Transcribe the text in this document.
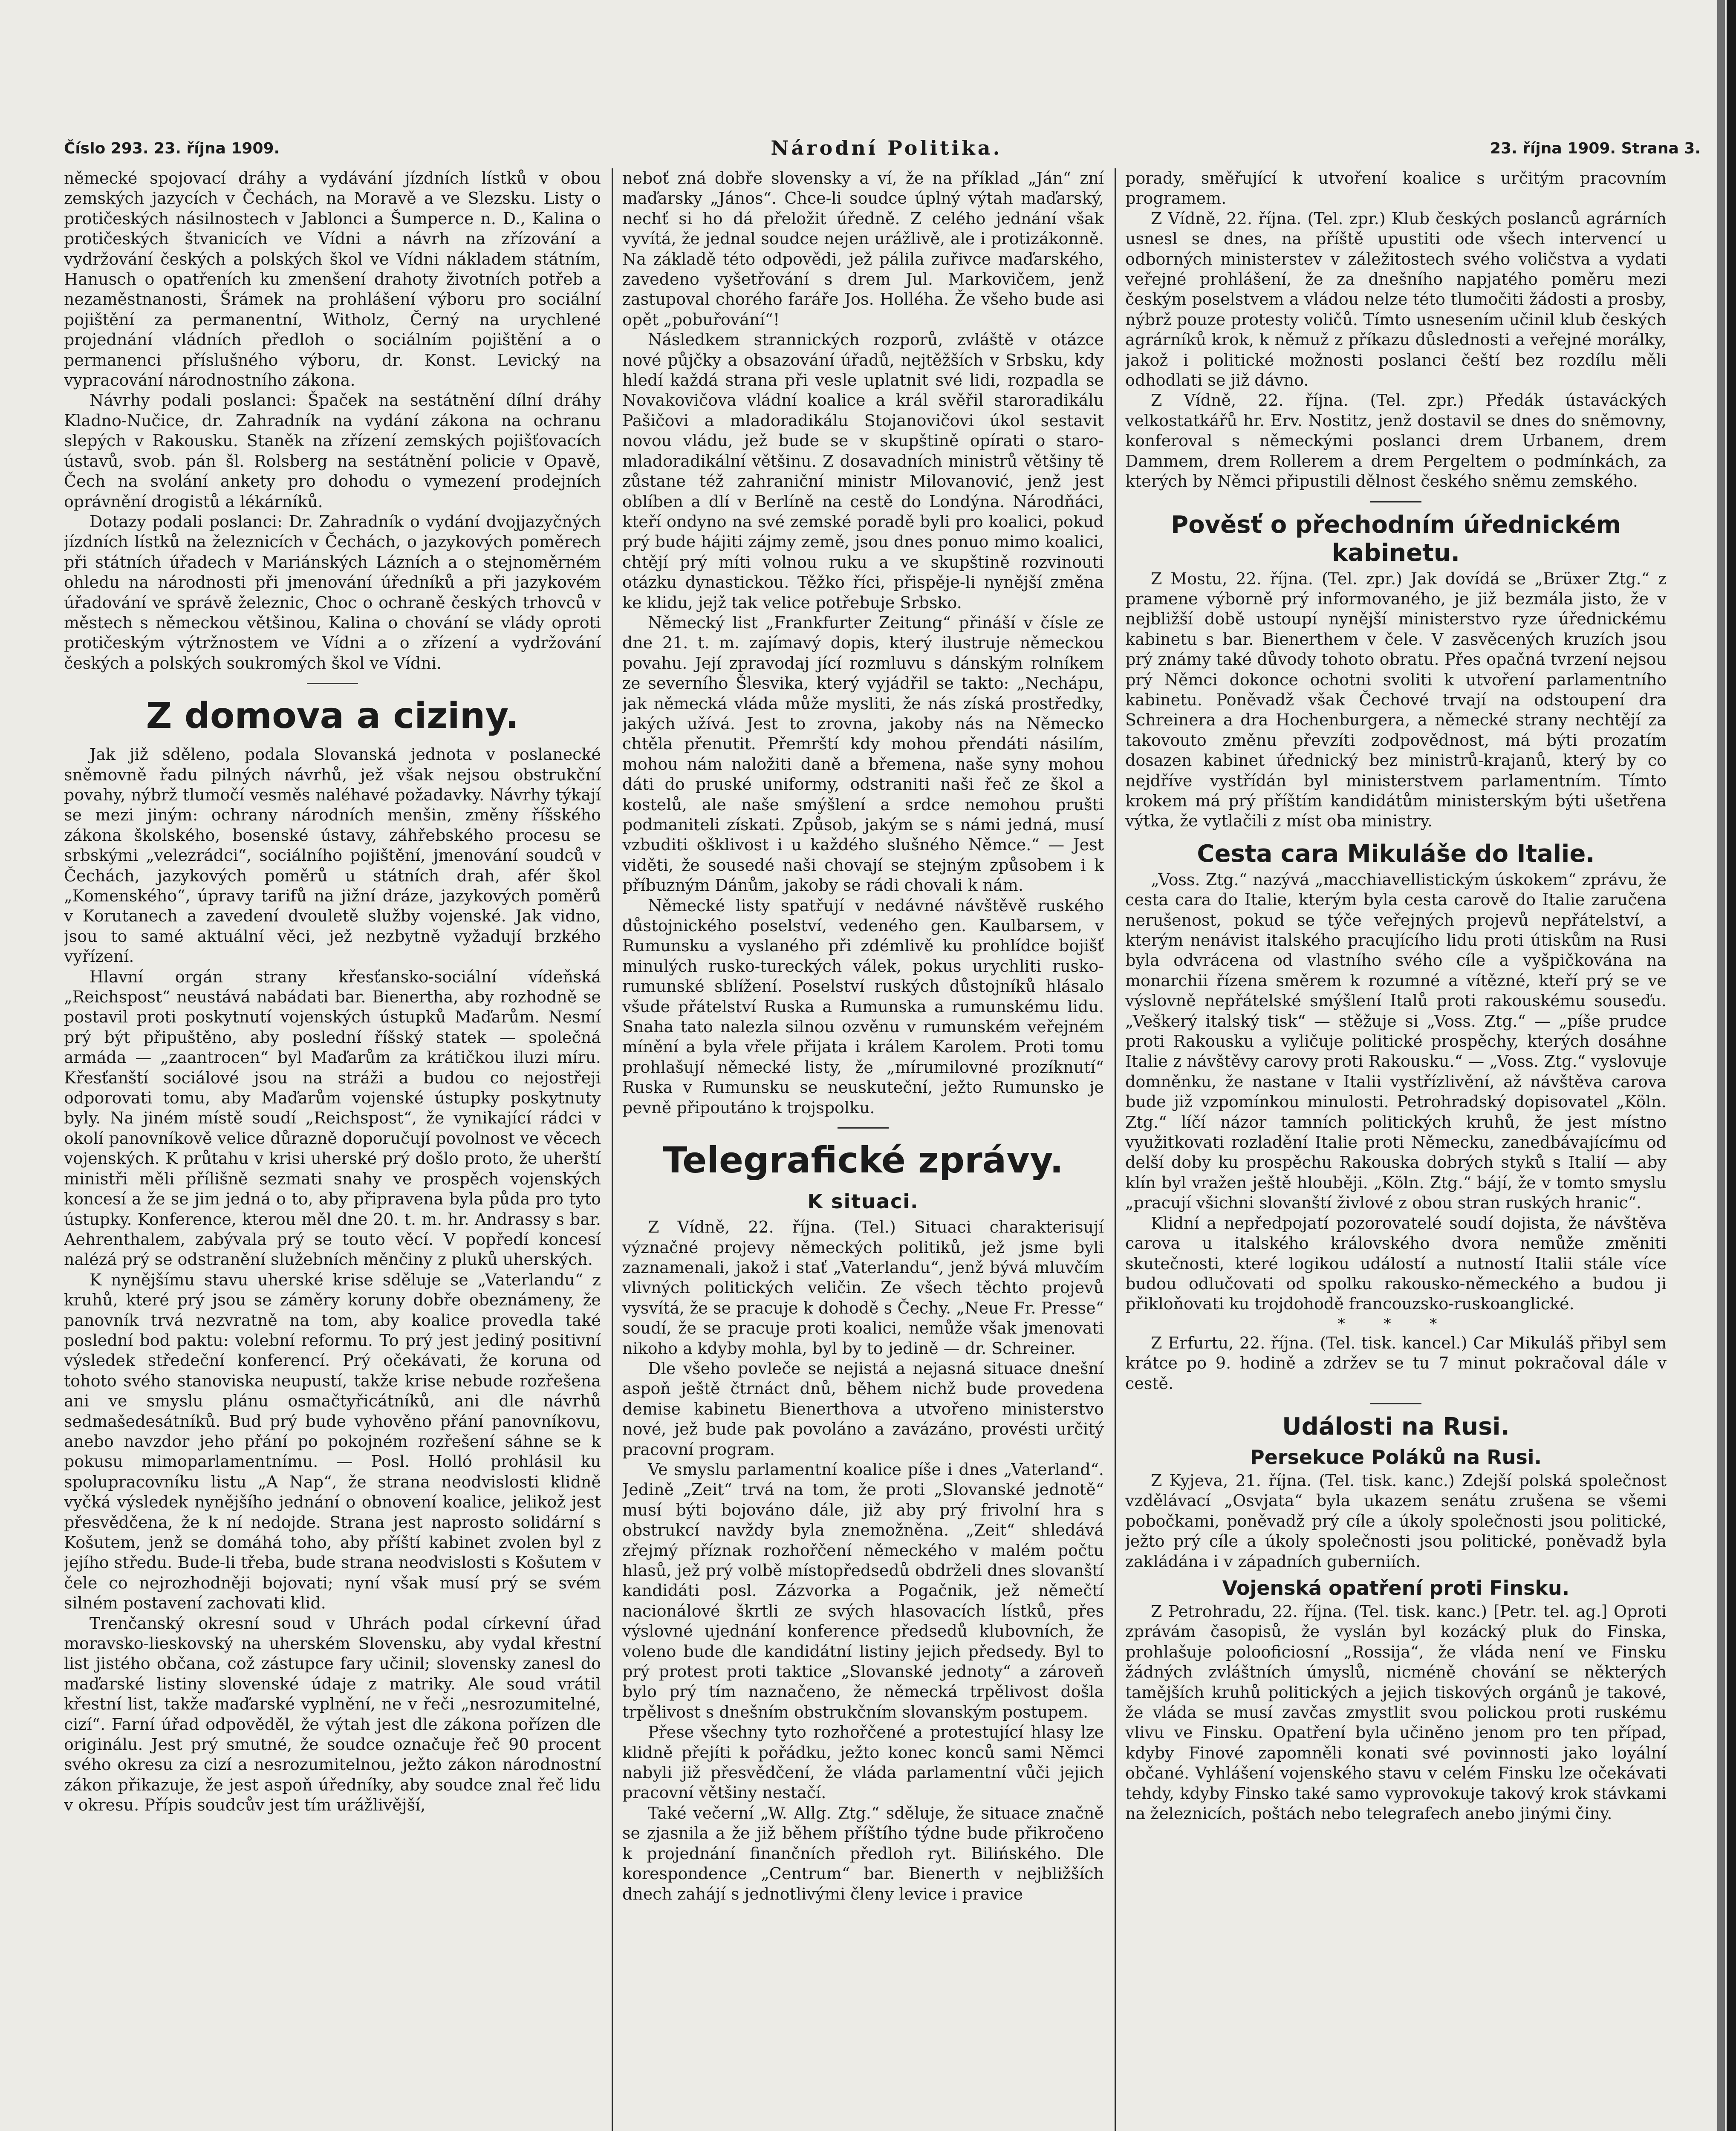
Číslo 293. 23. října 1909.	Národní Politika.	23. října 1909. Strana 3.

německé spojovací dráhy a vydávání jízdních lístků v obou zemských jazycích v Čechách, na Moravě a ve Slezsku. Listy o protičeských násilnostech v Jablonci a Šumperce n. D., Kalina o protičeských štvanicích ve Vídni a návrh na zřízování a vydržování českých a polských škol ve Vídni nákladem státním, Hanusch o opatřeních ku zmenšení drahoty životních potřeb a nezaměstnanosti, Šrámek na prohlášení výboru pro sociální pojištění za permanentní, Witholz, Černý na urychlené projednání vládních předloh o sociálním pojištění a o permanenci příslušného výboru, dr. Konst. Levický na vypracování národnostního zákona.

Návrhy podali poslanci: Špaček na sestátnění dílní dráhy Kladno-Nučice, dr. Zahradník na vydání zákona na ochranu slepých v Rakousku. Staněk na zřízení zemských pojišťovacích ústavů, svob. pán šl. Rolsberg na sestátnění policie v Opavě, Čech na svolání ankety pro dohodu o vymezení prodejních oprávnění drogistů a lékárníků.

Dotazy podali poslanci: Dr. Zahradník o vydání dvojjazyčných jízdních lístků na železnicích v Čechách, o jazykových poměrech při státních úřadech v Mariánských Lázních a o stejnoměrném ohledu na národnosti při jmenování úředníků a při jazykovém úřadování ve správě železnic, Choc o ochraně českých trhovců v městech s německou většinou, Kalina o chování se vlády oproti protičeským výtržnostem ve Vídni a o zřízení a vydržování českých a polských soukromých škol ve Vídni.

Z domova a ciziny.

Jak již sděleno, podala Slovanská jednota v poslanecké sněmovně řadu pilných návrhů, jež však nejsou obstrukční povahy, nýbrž tlumočí vesměs naléhavé požadavky. Návrhy týkají se mezi jiným: ochrany národních menšin, změny říšského zákona školského, bosenské ústavy, záhřebského procesu se srbskými „velezrádci“, sociálního pojištění, jmenování soudců v Čechách, jazykových poměrů u státních drah, afér škol „Komenského“, úpravy tarifů na jižní dráze, jazykových poměrů v Korutanech a zavedení dvouletě služby vojenské. Jak vidno, jsou to samé aktuální věci, jež nezbytně vyžadují brzkého vyřízení.

Hlavní orgán strany křesťansko-sociální vídeňská „Reichspost“ neustává nabádati bar. Bienertha, aby rozhodně se postavil proti poskytnutí vojenských ústupků Maďarům. Nesmí prý být připuštěno, aby poslední říšský statek — společná armáda — „zaantrocen“ byl Maďarům za krátičkou iluzi míru. Křesťanští sociálové jsou na stráži a budou co nejostřeji odporovati tomu, aby Maďarům vojenské ústupky poskytnuty byly. Na jiném místě soudí „Reichspost“, že vynikající rádci v okolí panovníkově velice důrazně doporučují povolnost ve věcech vojenských. K průtahu v krisi uherské prý došlo proto, že uherští ministři měli přílišně sezmati snahy ve prospěch vojenských koncesí a že se jim jedná o to, aby připravena byla půda pro tyto ústupky. Konference, kterou měl dne 20. t. m. hr. Andrassy s bar. Aehrenthalem, zabývala prý se touto věcí. V popředí koncesí nalézá prý se odstranění služebních měnčiny z pluků uherských.

K nynějšímu stavu uherské krise sděluje se „Vaterlandu“ z kruhů, které prý jsou se záměry koruny dobře obeznámeny, že panovník trvá nezvratně na tom, aby koalice provedla také poslední bod paktu: volební reformu. To prý jest jediný positivní výsledek středeční konferencí. Prý očekávati, že koruna od tohoto svého stanoviska neupustí, takže krise nebude rozřešena ani ve smyslu plánu osmačtyřicátníků, ani dle návrhů sedmašedesátníků. Bud prý bude vyhověno přání panovníkovu, anebo navzdor jeho přání po pokojném rozřešení sáhne se k pokusu mimoparlamentnímu. — Posl. Holló prohlásil ku spolupracovníku listu „A Nap“, že strana neodvislosti klidně vyčká výsledek nynějšího jednání o obnovení koalice, jelikož jest přesvědčena, že k ní nedojde. Strana jest naprosto solidární s Košutem, jenž se domáhá toho, aby příští kabinet zvolen byl z jejího středu. Bude-li třeba, bude strana neodvislosti s Košutem v čele co nejrozhodněji bojovati; nyní však musí prý se svém silném postavení zachovati klid.

Trenčanský okresní soud v Uhrách podal církevní úřad moravsko-lieskovský na uherském Slovensku, aby vydal křestní list jistého občana, což zástupce fary učinil; slovensky zanesl do maďarské listiny slovenské údaje z matriky. Ale soud vrátil křestní list, takže maďarské vyplnění, ne v řeči „nesrozumitelné, cizí“. Farní úřad odpověděl, že výtah jest dle zákona pořízen dle originálu. Jest prý smutné, že soudce označuje řeč 90 procent svého okresu za cizí a nesrozumitelnou, ježto zákon národnostní zákon přikazuje, že jest aspoň úředníky, aby soudce znal řeč lidu v okresu. Přípis soudcův jest tím urážlivější,

neboť zná dobře slovensky a ví, že na příklad „Ján“ zní maďarsky „János“. Chce-li soudce úplný výtah maďarský, nechť si ho dá přeložit úředně. Z celého jednání však vyvítá, že jednal soudce nejen urážlivě, ale i protizákonně. Na základě této odpovědi, jež pálila zuřivce maďarského, zavedeno vyšetřování s drem Jul. Markovičem, jenž zastupoval chorého faráře Jos. Holléha. Že všeho bude asi opět „pobuřování“!

Následkem strannických rozporů, zvláště v otázce nové půjčky a obsazování úřadů, nejtěžších v Srbsku, kdy hledí každá strana při vesle uplatnit své lidi, rozpadla se Novakovičova vládní koalice a král svěřil staroradikálu Pašičovi a mladoradikálu Stojanovičovi úkol sestavit novou vládu, jež bude se v skupštině opírati o staro- mladoradikální většinu. Z dosavadních ministrů většiny tě zůstane též zahraniční ministr Milovanović, jenž jest oblíben a dlí v Berlíně na cestě do Londýna. Národňáci, kteří ondyno na své zemské poradě byli pro koalici, pokud prý bude hájiti zájmy země, jsou dnes ponuo mimo koalici, chtějí prý míti volnou ruku a ve skupštině rozvinouti otázku dynastickou. Těžko říci, přispěje-li nynější změna ke klidu, jejž tak velice potřebuje Srbsko.

Německý list „Frankfurter Zeitung“ přináší v čísle ze dne 21. t. m. zajímavý dopis, který ilustruje německou povahu. Její zpravodaj jící rozmluvu s dánským rolníkem ze severního Šlesvika, který vyjádřil se takto: „Nechápu, jak německá vláda může mysliti, že nás získá prostředky, jakých užívá. Jest to zrovna, jakoby nás na Německo chtěla přenutit. Přemrští kdy mohou přendáti násilím, mohou nám naložiti daně a břemena, naše syny mohou dáti do pruské uniformy, odstraniti naši řeč ze škol a kostelů, ale naše smýšlení a srdce nemohou prušti podmaniteli získati. Způsob, jakým se s námi jedná, musí vzbuditi ošklivost i u každého slušného Němce.“ — Jest viděti, že sousedé naši chovají se stejným způsobem i k příbuzným Dánům, jakoby se rádi chovali k nám.

Německé listy spatřují v nedávné návštěvě ruského důstojnického poselství, vedeného gen. Kaulbarsem, v Rumunsku a vyslaného při zdémlivě ku prohlídce bojišť minulých rusko-tureckých válek, pokus urychliti rusko-rumunské sblížení. Poselství ruských důstojníků hlásalo všude přátelství Ruska a Rumunska a rumunskému lidu. Snaha tato nalezla silnou ozvěnu v rumunském veřejném mínění a byla vřele přijata i králem Karolem. Proti tomu prohlašují německé listy, že „mírumilovné prozíknutí“ Ruska v Rumunsku se neuskuteční, ježto Rumunsko je pevně připoutáno k trojspolku.

Telegrafické zprávy.
K situaci.

Z Vídně, 22. října. (Tel.) Situaci charakterisují význačné projevy německých politiků, jež jsme byli zaznamenali, jakož i stať „Vaterlandu“, jenž bývá mluvčím vlivných politických veličin. Ze všech těchto projevů vysvítá, že se pracuje k dohodě s Čechy. „Neue Fr. Presse“ soudí, že se pracuje proti koalici, nemůže však jmenovati nikoho a kdyby mohla, byl by to jedině — dr. Schreiner.

Dle všeho povleče se nejistá a nejasná situace dnešní aspoň ještě čtrnáct dnů, během nichž bude provedena demise kabinetu Bienerthova a utvořeno ministerstvo nové, jež bude pak povoláno a zavázáno, provésti určitý pracovní program.

Ve smyslu parlamentní koalice píše i dnes „Vaterland“. Jedině „Zeit“ trvá na tom, že proti „Slovanské jednotě“ musí býti bojováno dále, již aby prý frivolní hra s obstrukcí navždy byla znemožněna. „Zeit“ shledává zřejmý příznak rozhořčení německého v malém počtu hlasů, jež prý volbě místopředsedů obdrželi dnes slovanští kandidáti posl. Zázvorka a Pogačnik, jež němečtí nacionálové škrtli ze svých hlasovacích lístků, přes výslovné ujednání konference předsedů klubovních, že voleno bude dle kandidátní listiny jejich předsedy. Byl to prý protest proti taktice „Slovanské jednoty“ a zároveň bylo prý tím naznačeno, že německá trpělivost došla trpělivost s dnešním obstrukčním slovanským postupem.

Přese všechny tyto rozhořčené a protestující hlasy lze klidně přejíti k pořádku, ježto konec konců sami Němci nabyli již přesvědčení, že vláda parlamentní vůči jejich pracovní většiny nestačí.

Také večerní „W. Allg. Ztg.“ sděluje, že situace značně se zjasnila a že již během příštího týdne bude přikročeno k projednání finančních předloh ryt. Bilińského. Dle korespondence „Centrum“ bar. Bienerth v nejbližších dnech zahájí s jednotlivými členy levice i pravice

porady, směřující k utvoření koalice s určitým pracovním programem.

Z Vídně, 22. října. (Tel. zpr.) Klub českých poslanců agrárních usnesl se dnes, na příště upustiti ode všech intervencí u odborných ministerstev v záležitostech svého voličstva a vydati veřejné prohlášení, že za dnešního napjatého poměru mezi českým poselstvem a vládou nelze této tlumočiti žádosti a prosby, nýbrž pouze protesty voličů. Tímto usnesením učinil klub českých agrárníků krok, k němuž z příkazu důslednosti a veřejné morálky, jakož i politické možnosti poslanci čeští bez rozdílu měli odhodlati se již dávno.

Z Vídně, 22. října. (Tel. zpr.) Předák ústaváckých velkostatkářů hr. Erv. Nostitz, jenž dostavil se dnes do sněmovny, konferoval s německými poslanci drem Urbanem, drem Dammem, drem Rollerem a drem Pergeltem o podmínkách, za kterých by Němci připustili dělnost českého sněmu zemského.

Pověsť o přechodním úřednickém kabinetu.

Z Mostu, 22. října. (Tel. zpr.) Jak dovídá se „Brüxer Ztg.“ z pramene výborně prý informovaného, je již bezmála jisto, že v nejbližší době ustoupí nynější ministerstvo ryze úřednickému kabinetu s bar. Bienerthem v čele. V zasvěcených kruzích jsou prý známy také důvody tohoto obratu. Přes opačná tvrzení nejsou prý Němci dokonce ochotni svoliti k utvoření parlamentního kabinetu. Poněvadž však Čechové trvají na odstoupení dra Schreinera a dra Hochenburgera, a německé strany nechtějí za takovouto změnu převzíti zodpovědnost, má býti prozatím dosazen kabinet úřednický bez ministrů-krajanů, který by co nejdříve vystřídán byl ministerstvem parlamentním. Tímto krokem má prý příštím kandidátům ministerským býti ušetřena výtka, že vytlačili z míst oba ministry.

Cesta cara Mikuláše do Italie.

„Voss. Ztg.“ nazývá „macchiavellistickým úskokem“ zprávu, že cesta cara do Italie, kterým byla cesta carově do Italie zaručena nerušenost, pokud se týče veřejných projevů nepřátelství, a kterým nenávist italského pracujícího lidu proti útiskům na Rusi byla odvrácena od vlastního svého cíle a vyšpičkována na monarchii řízena směrem k rozumné a vítězné, kteří prý se ve výslovně nepřátelské smýšlení Italů proti rakouskému souseďu. „Veškerý italský tisk“ — stěžuje si „Voss. Ztg.“ — „píše prudce proti Rakousku a vyličuje politické prospěchy, kterých dosáhne Italie z návštěvy carovy proti Rakousku.“ — „Voss. Ztg.“ vyslovuje domněnku, že nastane v Italii vystřízlivění, až návštěva carova bude již vzpomínkou minulosti. Petrohradský dopisovatel „Köln. Ztg.“ líčí názor tamních politických kruhů, že jest místno využitkovati rozladění Italie proti Německu, zanedbávajícímu od delší doby ku prospěchu Rakouska dobrých styků s Italií — aby klín byl vražen ještě hlouběji. „Köln. Ztg.“ bájí, že v tomto smyslu „pracují všichni slovanští živlové z obou stran ruských hranic“.

Klidní a nepředpojatí pozorovatelé soudí dojista, že návštěva carova u italského královského dvora nemůže změniti skutečnosti, které logikou událostí a nutností Italii stále více budou odlučovati od spolku rakousko-německého a budou ji přikloňovati ku trojdohodě francouzsko-ruskoanglické.

* * *

Z Erfurtu, 22. října. (Tel. tisk. kancel.) Car Mikuláš přibyl sem krátce po 9. hodině a zdržev se tu 7 minut pokračoval dále v cestě.

Události na Rusi.
Persekuce Poláků na Rusi.

Z Kyjeva, 21. října. (Tel. tisk. kanc.) Zdejší polská společnost vzdělávací „Osvjata“ byla ukazem senátu zrušena se všemi pobočkami, poněvadž prý cíle a úkoly společnosti jsou politické, ježto prý cíle a úkoly společnosti jsou politické, poněvadž byla zakládána i v západních guberniích.

Vojenská opatření proti Finsku.

Z Petrohradu, 22. října. (Tel. tisk. kanc.) [Petr. tel. ag.] Oproti zprávám časopisů, že vyslán byl kozácký pluk do Finska, prohlašuje polooficiosní „Rossija“, že vláda není ve Finsku žádných zvláštních úmyslů, nicméně chování se některých tamějších kruhů politických a jejich tiskových orgánů je takové, že vláda se musí zavčas zmystlit svou polickou proti ruskému vlivu ve Finsku. Opatření byla učiněno jenom pro ten případ, kdyby Finové zapomněli konati své povinnosti jako loyální občané. Vyhlášení vojenského stavu v celém Finsku lze očekávati tehdy, kdyby Finsko také samo vyprovokuje takový krok stávkami na železnicích, poštách nebo telegrafech anebo jinými činy.
